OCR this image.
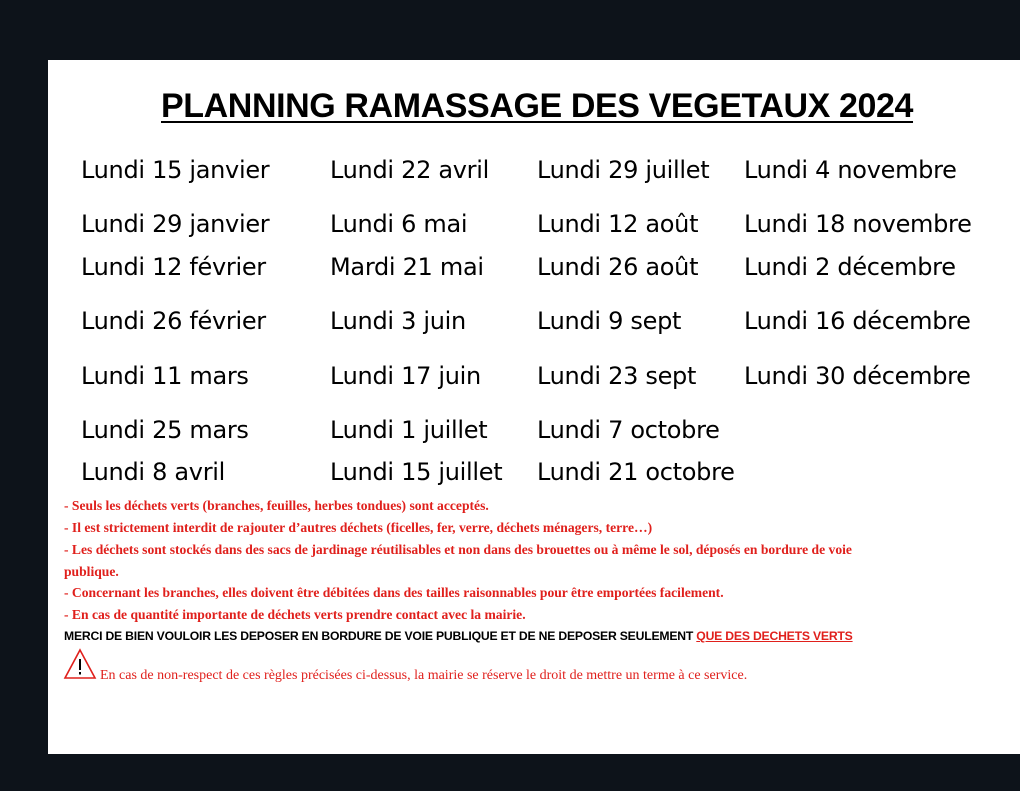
PLANNING RAMASSAGE DES VEGETAUX 2024
Lundi 15 janvier
Lundi 29 janvier
Lundi 12 février
Lundi 26 février
Lundi 11 mars
Lundi 25 mars
Lundi 8 avril
Lundi 22 avril
Lundi 6 mai
Mardi 21 mai
Lundi 3 juin
Lundi 17 juin
Lundi 1 juillet
Lundi 15 juillet
Lundi 29 juillet
Lundi 12 août
Lundi 26 août
Lundi 9 sept
Lundi 23 sept
Lundi 7 octobre
Lundi 21 octobre
Lundi 4 novembre
Lundi 18 novembre
Lundi 2 décembre
Lundi 16 décembre
Lundi 30 décembre

- Seuls les déchets verts (branches, feuilles, herbes tondues) sont acceptés.

- Il est strictement interdit de rajouter d’autres déchets (ficelles, fer, verre, déchets ménagers, terre…)

- Les déchets sont stockés dans des sacs de jardinage réutilisables et non dans des brouettes ou à même le sol, déposés en bordure de voie

publique.

- Concernant les branches, elles doivent être débitées dans des tailles raisonnables pour être emportées facilement.

- En cas de quantité importante de déchets verts prendre contact avec la mairie.

MERCI DE BIEN VOULOIR LES DEPOSER EN BORDURE DE VOIE PUBLIQUE ET DE NE DEPOSER SEULEMENT QUE DES DECHETS VERTS
En cas de non-respect de ces règles précisées ci-dessus, la mairie se réserve le droit de mettre un terme à ce service.
